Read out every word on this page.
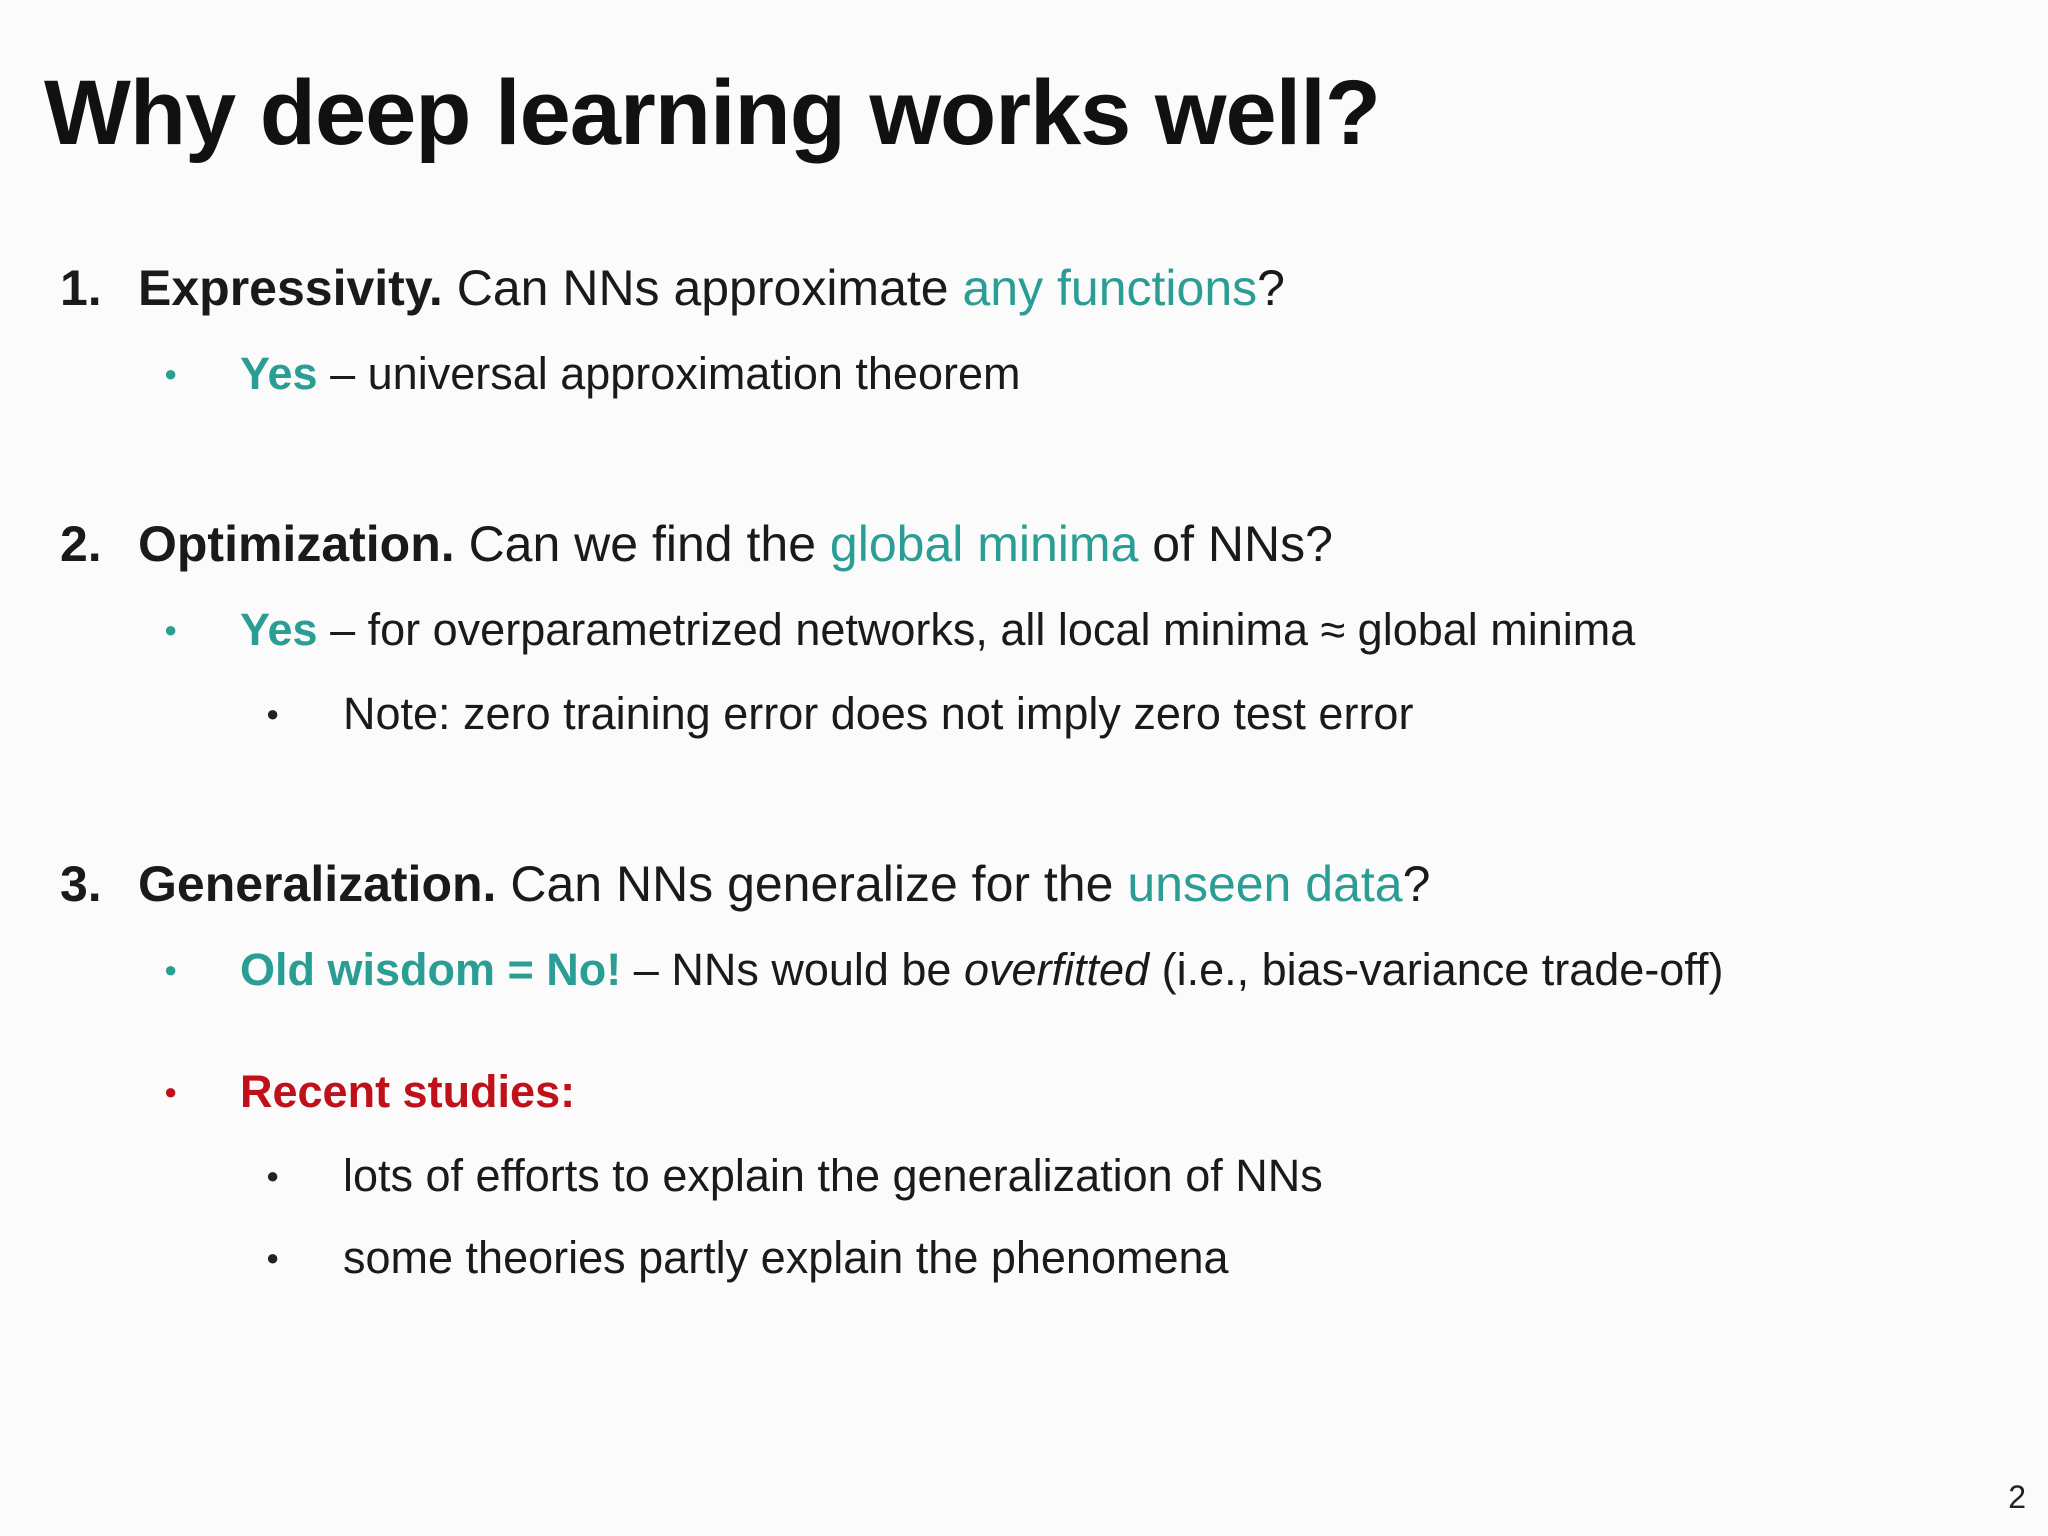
Why deep learning works well?
1. Expressivity. Can NNs approximate any functions?
● Yes – universal approximation theorem
2. Optimization. Can we find the global minima of NNs?
● Yes – for overparametrized networks, all local minima ≈ global minima
● Note: zero training error does not imply zero test error
3. Generalization. Can NNs generalize for the unseen data?
● Old wisdom = No! – NNs would be overfitted (i.e., bias-variance trade-off)
● Recent studies:
● lots of efforts to explain the generalization of NNs
● some theories partly explain the phenomena
2
